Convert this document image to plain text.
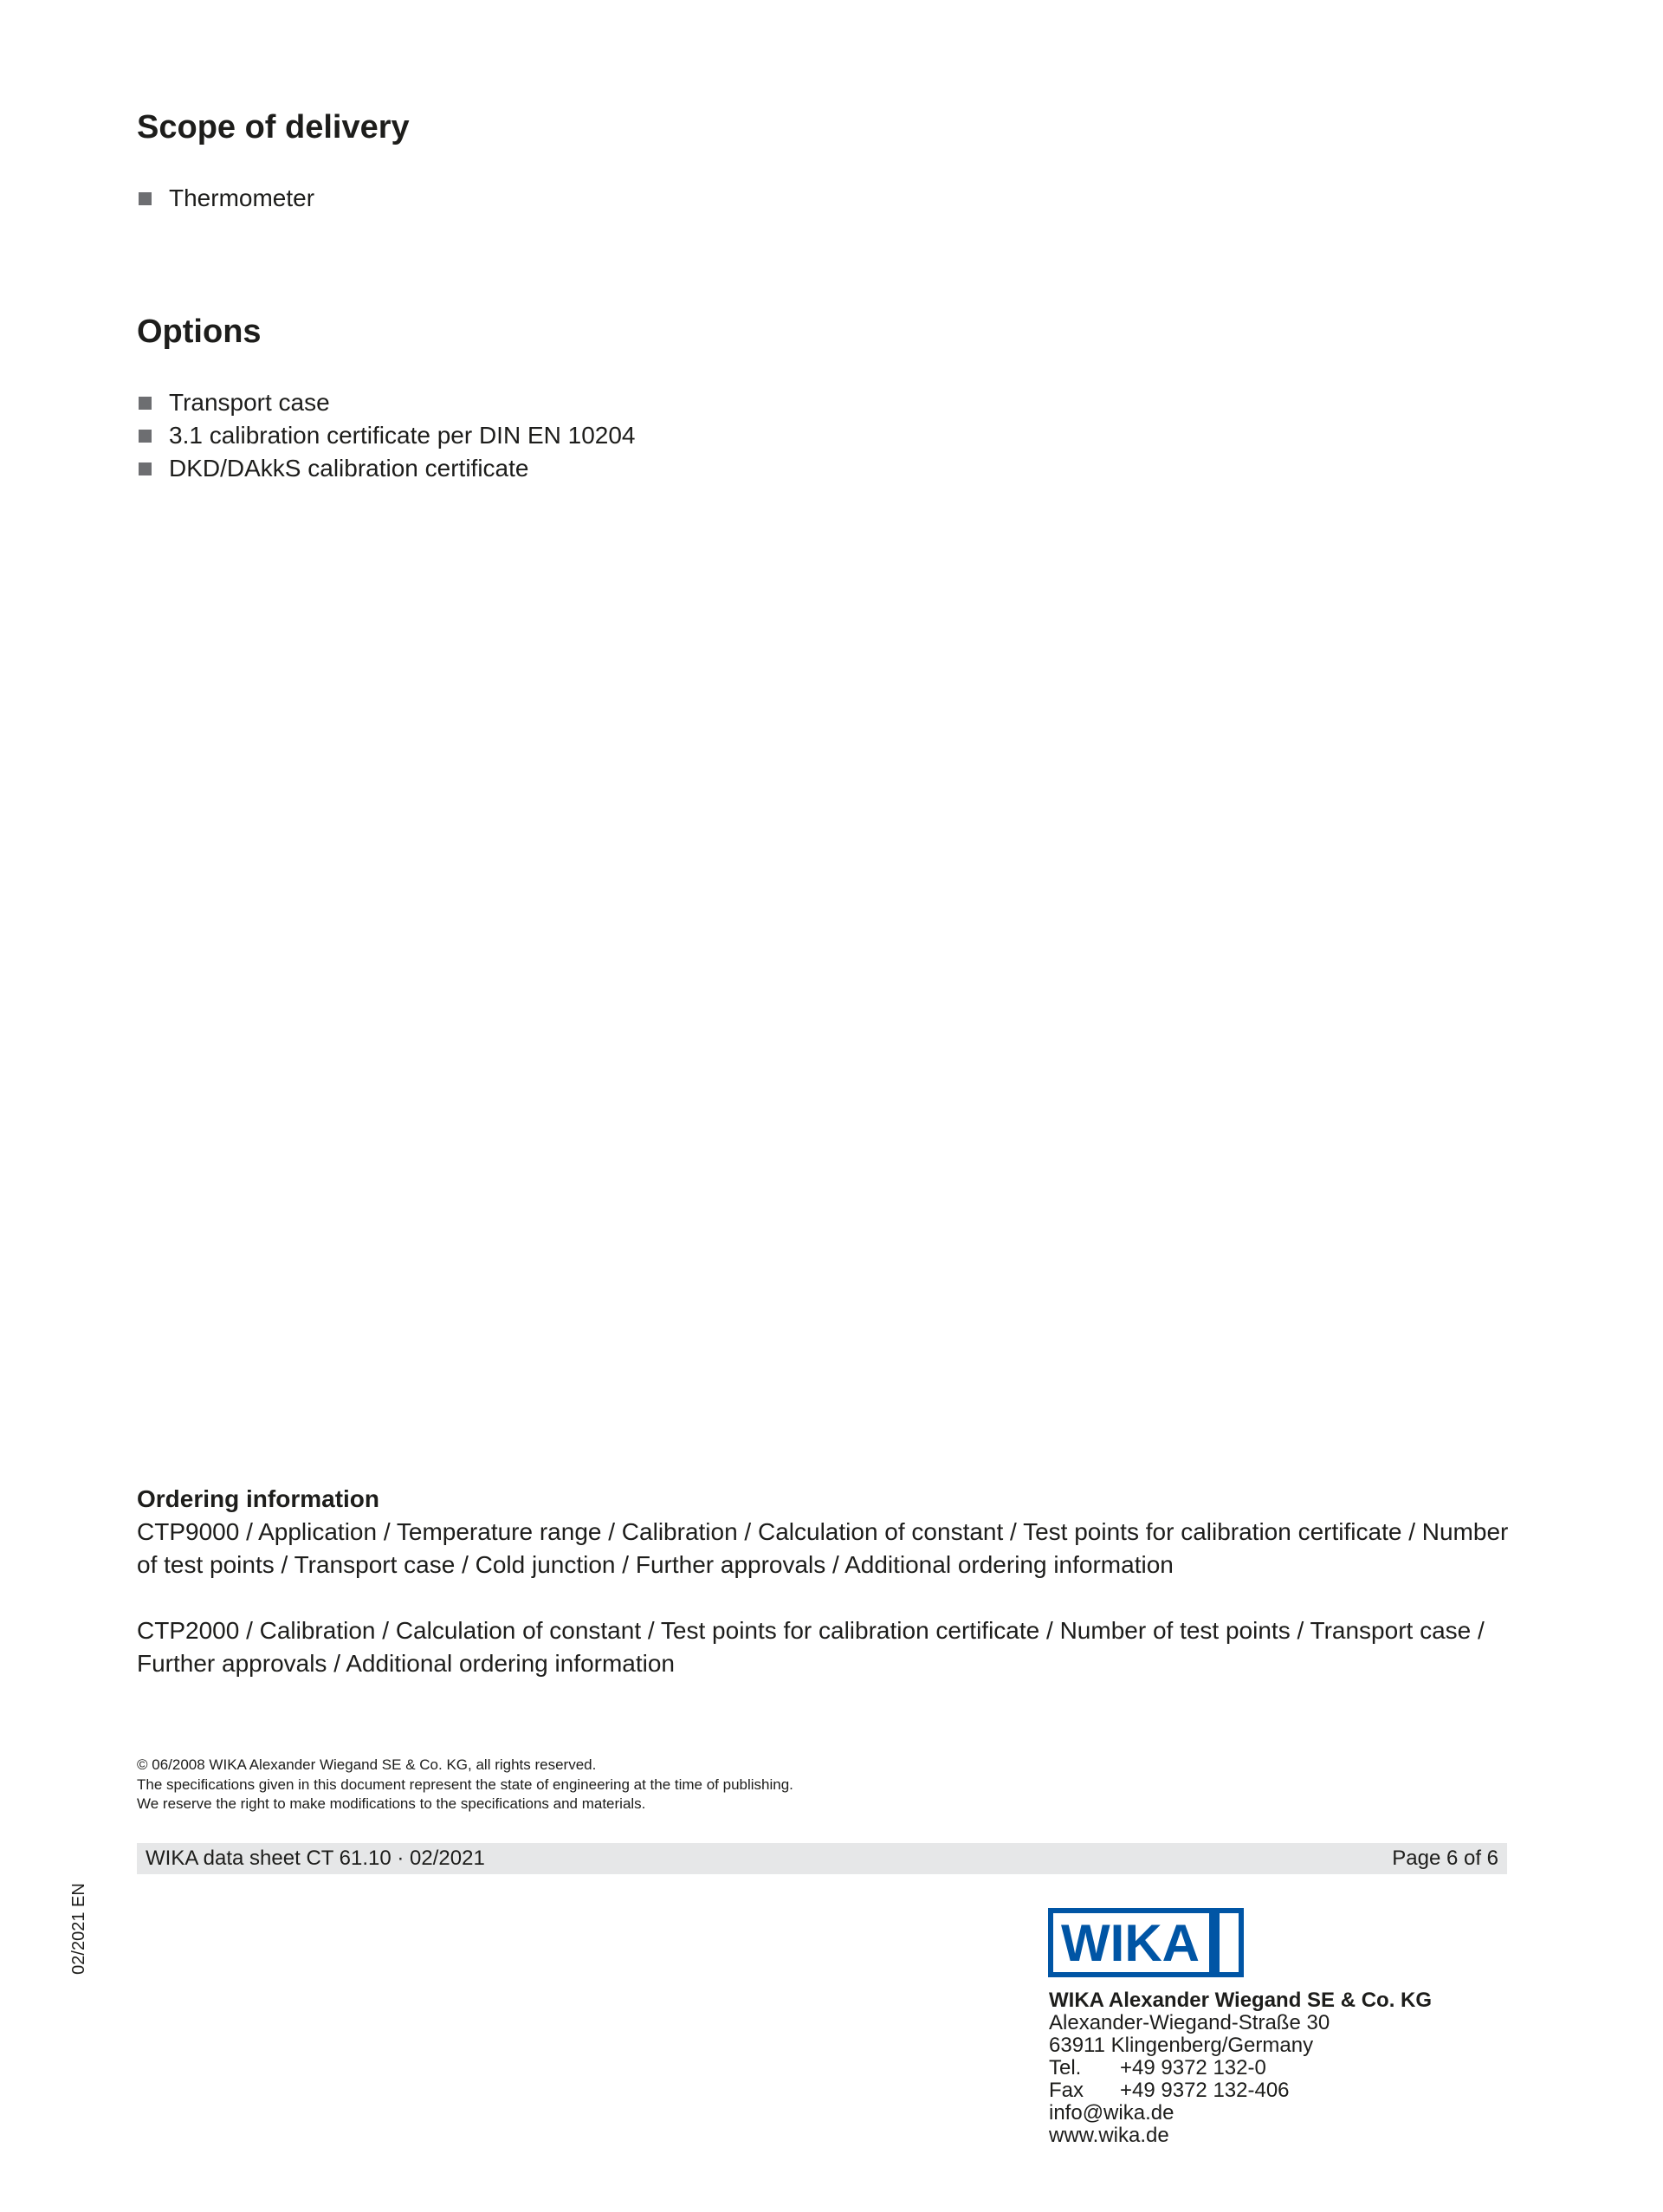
Scope of delivery
Thermometer
Options
Transport case
3.1 calibration certificate per DIN EN 10204
DKD/DAkkS calibration certificate
Ordering information

CTP9000 / Application / Temperature range / Calibration / Calculation of constant / Test points for calibration certificate / Number of test points / Transport case / Cold junction / Further approvals / Additional ordering information

CTP2000 / Calibration / Calculation of constant / Test points for calibration certificate / Number of test points / Transport case / Further approvals / Additional ordering information

© 06/2008 WIKA Alexander Wiegand SE & Co. KG, all rights reserved.

The specifications given in this document represent the state of engineering at the time of publishing.

We reserve the right to make modifications to the specifications and materials.

WIKA data sheet CT 61.10 · 02/2021	Page 6 of 6
02/2021 EN	WIKA
WIKA Alexander Wiegand SE & Co. KG
Alexander-Wiegand-Straße 30
63911 Klingenberg/Germany
Tel. +49 9372 132-0
Fax +49 9372 132-406
info@wika.de
www.wika.de
